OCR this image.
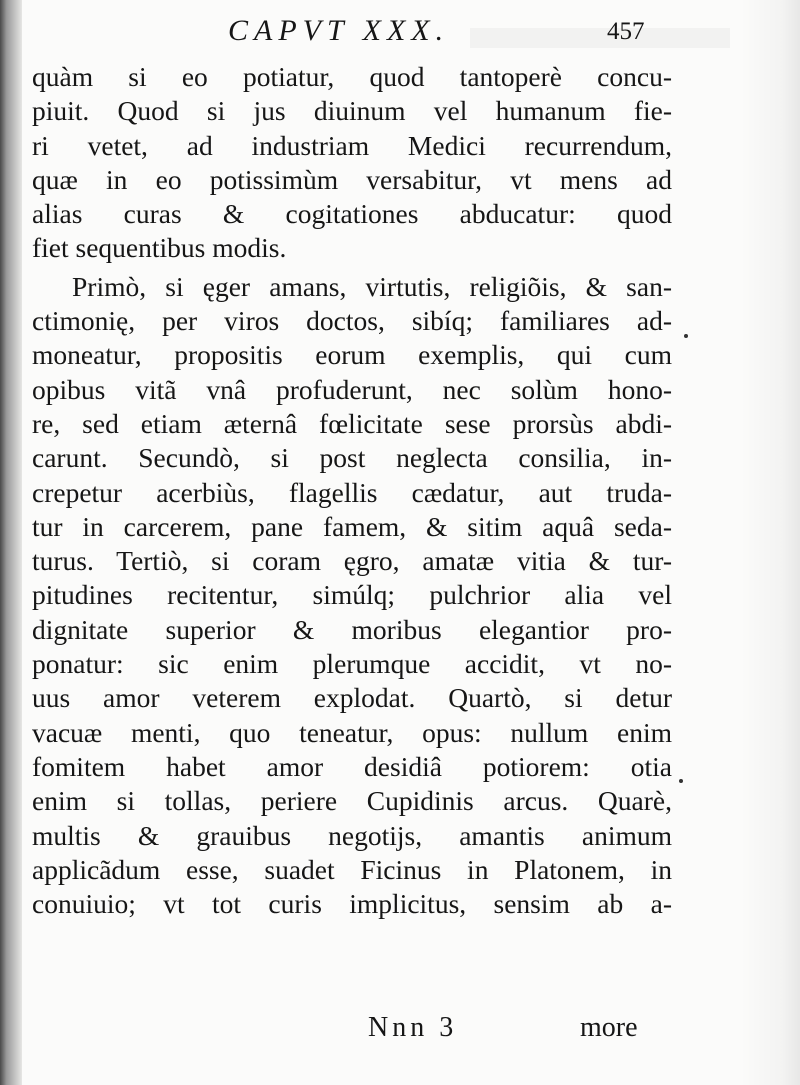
CAPVT XXX.	457
quàm si eo potiatur, quod tantoperè concu-
piuit. Quod si jus diuinum vel humanum fie-
ri vetet, ad industriam Medici recurrendum,
quæ in eo potissimùm versabitur, vt mens ad
alias curas & cogitationes abducatur: quod
fiet sequentibus modis.
Primò, si ęger amans, virtutis, religiõis, & san-
ctimonię, per viros doctos, sibíq; familiares ad-
moneatur, propositis eorum exemplis, qui cum
opibus vitã vnâ profuderunt, nec solùm hono-
re, sed etiam æternâ fœlicitate sese prorsùs abdi-
carunt. Secundò, si post neglecta consilia, in-
crepetur acerbiùs, flagellis cædatur, aut truda-
tur in carcerem, pane famem, & sitim aquâ seda-
turus. Tertiò, si coram ęgro, amatæ vitia & tur-
pitudines recitentur, simúlq; pulchrior alia vel
dignitate superior & moribus elegantior pro-
ponatur: sic enim plerumque accidit, vt no-
uus amor veterem explodat. Quartò, si detur
vacuæ menti, quo teneatur, opus: nullum enim
fomitem habet amor desidiâ potiorem: otia
enim si tollas, periere Cupidinis arcus. Quarè,
multis & grauibus negotijs, amantis animum
applicãdum esse, suadet Ficinus in Platonem, in
conuiuio; vt tot curis implicitus, sensim ab a-
Nnn 3	more
